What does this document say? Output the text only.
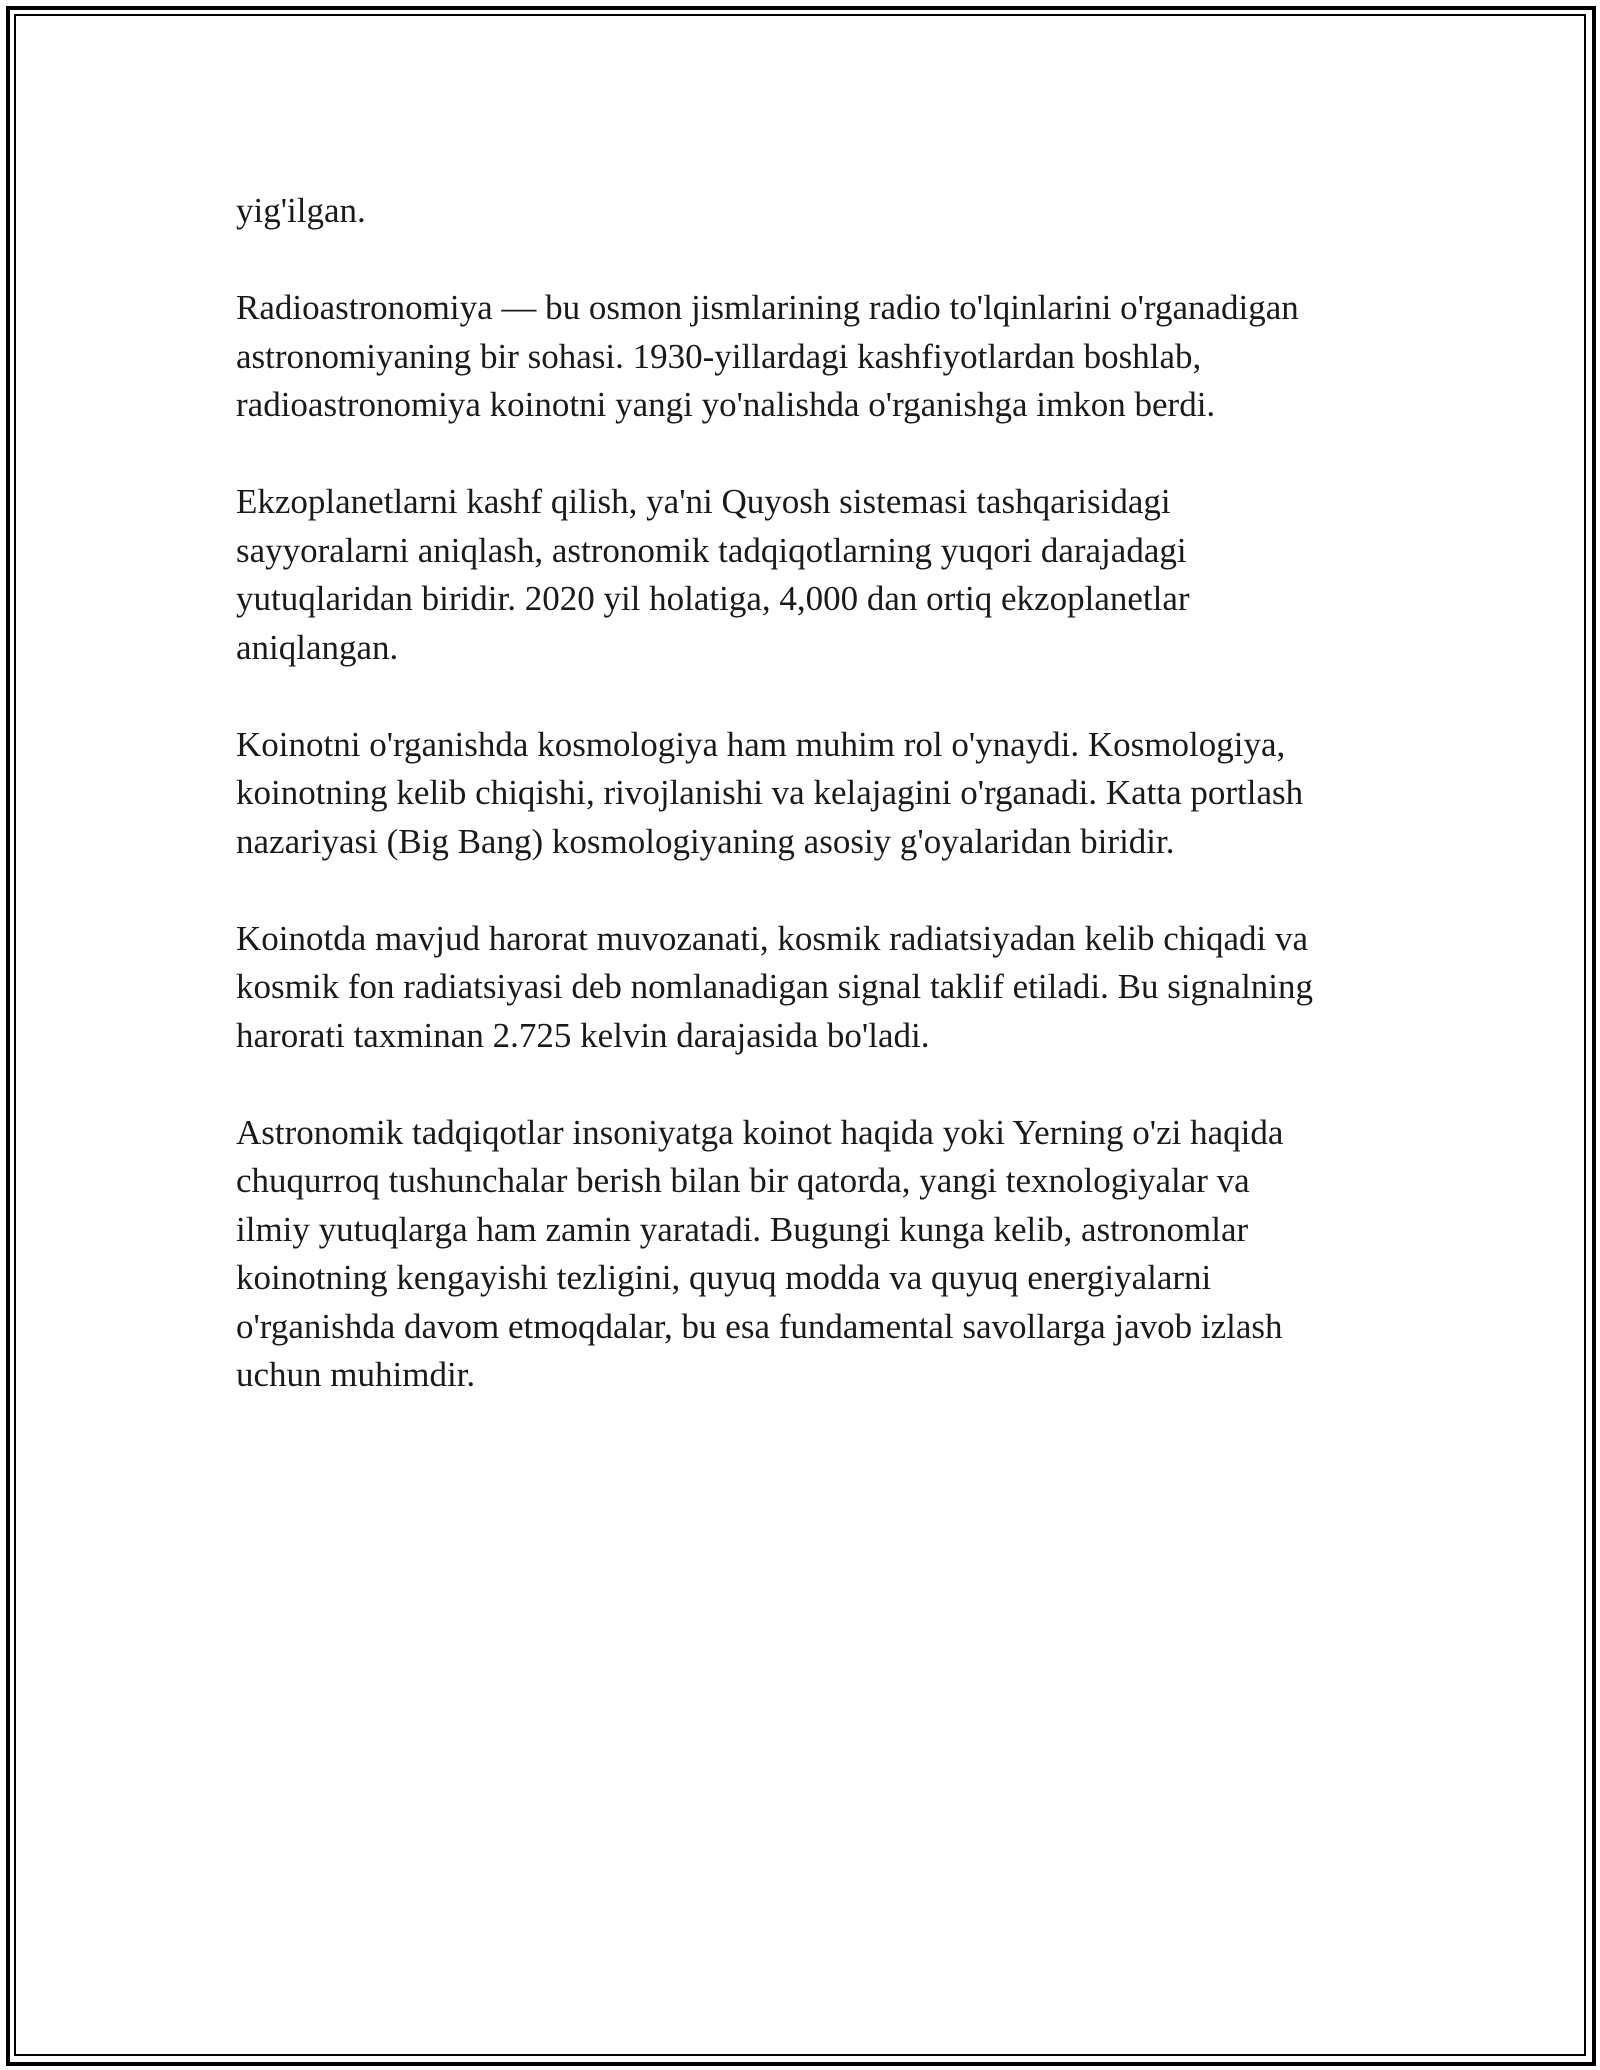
yig'ilgan.

Radioastronomiya — bu osmon jismlarining radio to'lqinlarini o'rganadigan
astronomiyaning bir sohasi. 1930-yillardagi kashfiyotlardan boshlab,
radioastronomiya koinotni yangi yo'nalishda o'rganishga imkon berdi.

Ekzoplanetlarni kashf qilish, ya'ni Quyosh sistemasi tashqarisidagi
sayyoralarni aniqlash, astronomik tadqiqotlarning yuqori darajadagi
yutuqlaridan biridir. 2020 yil holatiga, 4,000 dan ortiq ekzoplanetlar
aniqlangan.

Koinotni o'rganishda kosmologiya ham muhim rol o'ynaydi. Kosmologiya,
koinotning kelib chiqishi, rivojlanishi va kelajagini o'rganadi. Katta portlash
nazariyasi (Big Bang) kosmologiyaning asosiy g'oyalaridan biridir.

Koinotda mavjud harorat muvozanati, kosmik radiatsiyadan kelib chiqadi va
kosmik fon radiatsiyasi deb nomlanadigan signal taklif etiladi. Bu signalning
harorati taxminan 2.725 kelvin darajasida bo'ladi.

Astronomik tadqiqotlar insoniyatga koinot haqida yoki Yerning o'zi haqida
chuqurroq tushunchalar berish bilan bir qatorda, yangi texnologiyalar va
ilmiy yutuqlarga ham zamin yaratadi. Bugungi kunga kelib, astronomlar
koinotning kengayishi tezligini, quyuq modda va quyuq energiyalarni
o'rganishda davom etmoqdalar, bu esa fundamental savollarga javob izlash
uchun muhimdir.
